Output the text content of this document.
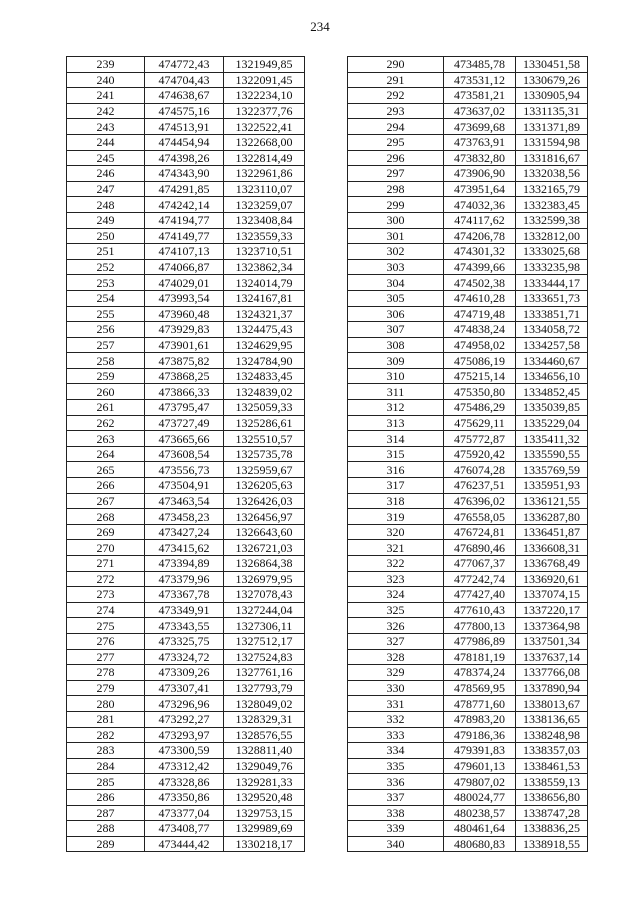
234
239	474772,43	1321949,85
240	474704,43	1322091,45
241	474638,67	1322234,10
242	474575,16	1322377,76
243	474513,91	1322522,41
244	474454,94	1322668,00
245	474398,26	1322814,49
246	474343,90	1322961,86
247	474291,85	1323110,07
248	474242,14	1323259,07
249	474194,77	1323408,84
250	474149,77	1323559,33
251	474107,13	1323710,51
252	474066,87	1323862,34
253	474029,01	1324014,79
254	473993,54	1324167,81
255	473960,48	1324321,37
256	473929,83	1324475,43
257	473901,61	1324629,95
258	473875,82	1324784,90
259	473868,25	1324833,45
260	473866,33	1324839,02
261	473795,47	1325059,33
262	473727,49	1325286,61
263	473665,66	1325510,57
264	473608,54	1325735,78
265	473556,73	1325959,67
266	473504,91	1326205,63
267	473463,54	1326426,03
268	473458,23	1326456,97
269	473427,24	1326643,60
270	473415,62	1326721,03
271	473394,89	1326864,38
272	473379,96	1326979,95
273	473367,78	1327078,43
274	473349,91	1327244,04
275	473343,55	1327306,11
276	473325,75	1327512,17
277	473324,72	1327524,83
278	473309,26	1327761,16
279	473307,41	1327793,79
280	473296,96	1328049,02
281	473292,27	1328329,31
282	473293,97	1328576,55
283	473300,59	1328811,40
284	473312,42	1329049,76
285	473328,86	1329281,33
286	473350,86	1329520,48
287	473377,04	1329753,15
288	473408,77	1329989,69
289	473444,42	1330218,17
290	473485,78	1330451,58
291	473531,12	1330679,26
292	473581,21	1330905,94
293	473637,02	1331135,31
294	473699,68	1331371,89
295	473763,91	1331594,98
296	473832,80	1331816,67
297	473906,90	1332038,56
298	473951,64	1332165,79
299	474032,36	1332383,45
300	474117,62	1332599,38
301	474206,78	1332812,00
302	474301,32	1333025,68
303	474399,66	1333235,98
304	474502,38	1333444,17
305	474610,28	1333651,73
306	474719,48	1333851,71
307	474838,24	1334058,72
308	474958,02	1334257,58
309	475086,19	1334460,67
310	475215,14	1334656,10
311	475350,80	1334852,45
312	475486,29	1335039,85
313	475629,11	1335229,04
314	475772,87	1335411,32
315	475920,42	1335590,55
316	476074,28	1335769,59
317	476237,51	1335951,93
318	476396,02	1336121,55
319	476558,05	1336287,80
320	476724,81	1336451,87
321	476890,46	1336608,31
322	477067,37	1336768,49
323	477242,74	1336920,61
324	477427,40	1337074,15
325	477610,43	1337220,17
326	477800,13	1337364,98
327	477986,89	1337501,34
328	478181,19	1337637,14
329	478374,24	1337766,08
330	478569,95	1337890,94
331	478771,60	1338013,67
332	478983,20	1338136,65
333	479186,36	1338248,98
334	479391,83	1338357,03
335	479601,13	1338461,53
336	479807,02	1338559,13
337	480024,77	1338656,80
338	480238,57	1338747,28
339	480461,64	1338836,25
340	480680,83	1338918,55
